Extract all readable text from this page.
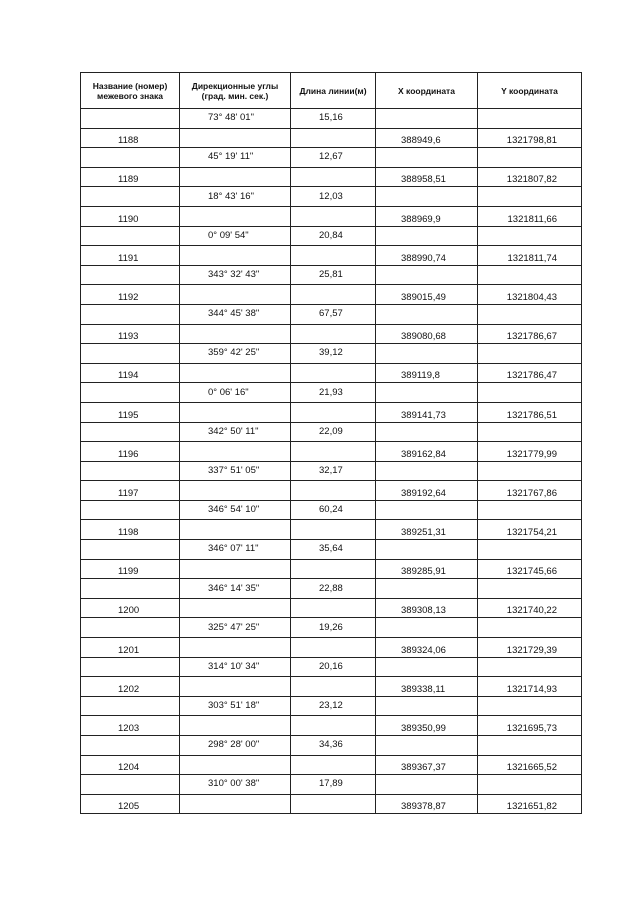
Название (номер) межевого знака	Дирекционные углы (град. мин. сек.)	Длина линии(м)	X координата	Y координата
	73° 48' 01"	15,16		
1188			388949,6	1321798,81
	45° 19' 11"	12,67		
1189			388958,51	1321807,82
	18° 43' 16"	12,03		
1190			388969,9	1321811,66
	0° 09' 54"	20,84		
1191			388990,74	1321811,74
	343° 32' 43"	25,81		
1192			389015,49	1321804,43
	344° 45' 38"	67,57		
1193			389080,68	1321786,67
	359° 42' 25"	39,12		
1194			389119,8	1321786,47
	0° 06' 16"	21,93		
1195			389141,73	1321786,51
	342° 50' 11"	22,09		
1196			389162,84	1321779,99
	337° 51' 05"	32,17		
1197			389192,64	1321767,86
	346° 54' 10"	60,24		
1198			389251,31	1321754,21
	346° 07' 11"	35,64		
1199			389285,91	1321745,66
	346° 14' 35"	22,88		
1200			389308,13	1321740,22
	325° 47' 25"	19,26		
1201			389324,06	1321729,39
	314° 10' 34"	20,16		
1202			389338,11	1321714,93
	303° 51' 18"	23,12		
1203			389350,99	1321695,73
	298° 28' 00"	34,36		
1204			389367,37	1321665,52
	310° 00' 38"	17,89		
1205			389378,87	1321651,82
